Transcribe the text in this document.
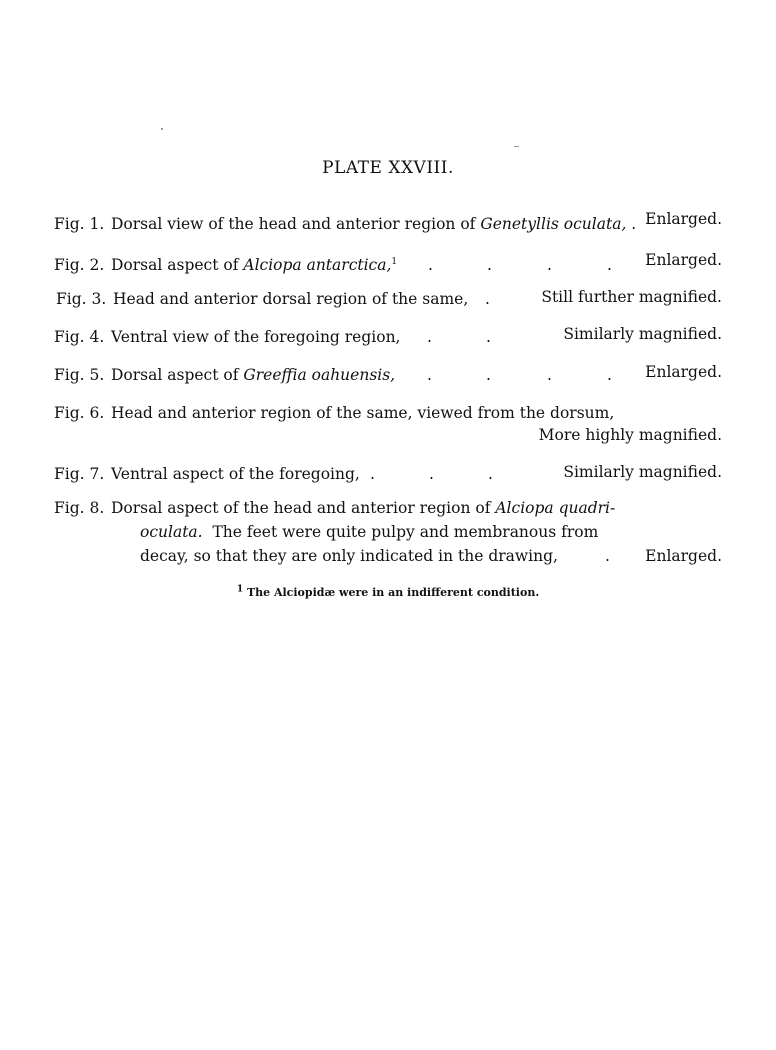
PLATE XXVIII.
Fig. 1. Dorsal view of the head and anterior region of Genetyllis oculata, . Enlarged.
Fig. 2. Dorsal aspect of Alciopa antarctica,$^1$ .	.	.	. Enlarged.
Fig. 3. Head and anterior dorsal region of the same, .	Still further magnified.
Fig. 4. Ventral view of the foregoing region, .	.	Similarly magnified.
Fig. 5. Dorsal aspect of Greeffia oahuensis, .	.	.	. Enlarged.
Fig. 6. Head and anterior region of the same, viewed from the dorsum,
More highly magnified.
Fig. 7. Ventral aspect of the foregoing, .	.	.	Similarly magnified.
Fig. 8. Dorsal aspect of the head and anterior region of Alciopa quadri-
oculata.  The feet were quite pulpy and membranous from
decay, so that they are only indicated in the drawing,	. Enlarged.
$^1$ The Alciopidæ were in an indifferent condition.
